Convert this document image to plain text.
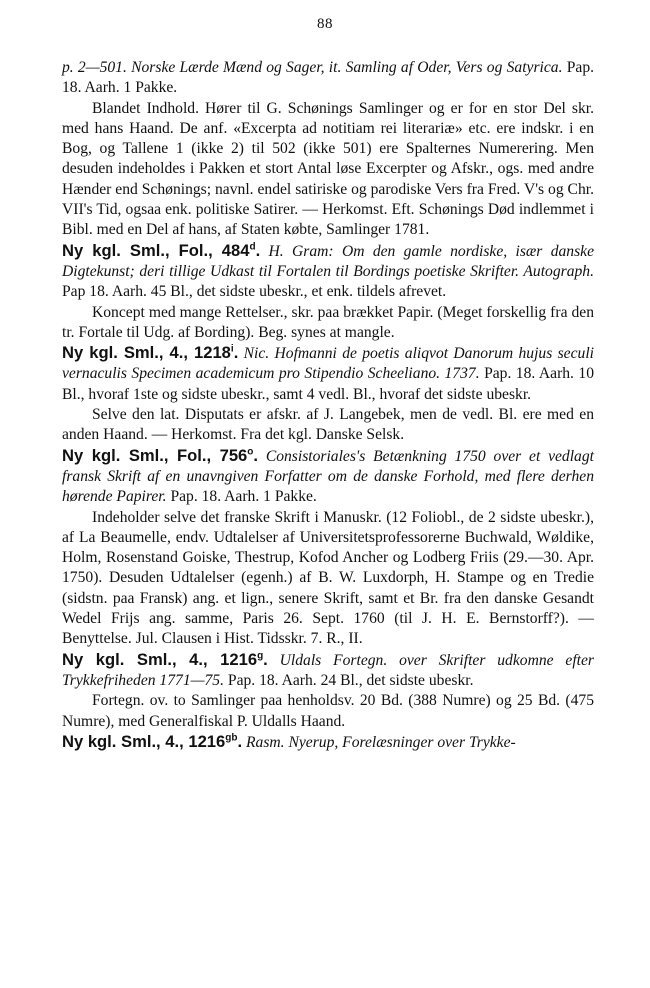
88

p. 2—501. Norske Lærde Mænd og Sager, it. Samling af Oder, Vers og Satyrica. Pap. 18. Aarh. 1 Pakke.

Blandet Indhold. Hører til G. Schønings Samlinger og er for en stor Del skr. med hans Haand. De anf. «Excerpta ad notitiam rei literariæ» etc. ere indskr. i en Bog, og Tallene 1 (ikke 2) til 502 (ikke 501) ere Spalternes Numerering. Men desuden indeholdes i Pakken et stort Antal løse Excerpter og Afskr., ogs. med andre Hænder end Schønings; navnl. endel satiriske og parodiske Vers fra Fred. V's og Chr. VII's Tid, ogsaa enk. politiske Satirer. — Herkomst. Eft. Schønings Død indlemmet i Bibl. med en Del af hans, af Staten købte, Samlinger 1781.

Ny kgl. Sml., Fol., 484$^d$. H. Gram: Om den gamle nordiske, især danske Digtekunst; deri tillige Udkast til Fortalen til Bordings poetiske Skrifter. Autograph. Pap 18. Aarh. 45 Bl., det sidste ubeskr., et enk. tildels afrevet.

Koncept med mange Rettelser., skr. paa brækket Papir. (Meget forskellig fra den tr. Fortale til Udg. af Bording). Beg. synes at mangle.

Ny kgl. Sml., 4., 1218$^i$. Nic. Hofmanni de poetis aliqvot Danorum hujus seculi vernaculis Specimen academicum pro Stipendio Scheeliano. 1737. Pap. 18. Aarh. 10 Bl., hvoraf 1ste og sidste ubeskr., samt 4 vedl. Bl., hvoraf det sidste ubeskr.

Selve den lat. Disputats er afskr. af J. Langebek, men de vedl. Bl. ere med en anden Haand. — Herkomst. Fra det kgl. Danske Selsk.

Ny kgl. Sml., Fol., 756$^o$. Consistoriales's Betænkning 1750 over et vedlagt fransk Skrift af en unavngiven Forfatter om de danske Forhold, med flere derhen hørende Papirer. Pap. 18. Aarh. 1 Pakke.

Indeholder selve det franske Skrift i Manuskr. (12 Foliobl., de 2 sidste ubeskr.), af La Beaumelle, endv. Udtalelser af Universitetsprofessorerne Buchwald, Wøldike, Holm, Rosenstand Goiske, Thestrup, Kofod Ancher og Lodberg Friis (29.—30. Apr. 1750). Desuden Udtalelser (egenh.) af B. W. Luxdorph, H. Stampe og en Tredie (sidstn. paa Fransk) ang. et lign., senere Skrift, samt et Br. fra den danske Gesandt Wedel Frijs ang. samme, Paris 26. Sept. 1760 (til J. H. E. Bernstorff?). — Benyttelse. Jul. Clausen i Hist. Tidsskr. 7. R., II.

Ny kgl. Sml., 4., 1216$^g$. Uldals Fortegn. over Skrifter udkomne efter Trykkefriheden 1771—75. Pap. 18. Aarh. 24 Bl., det sidste ubeskr.

Fortegn. ov. to Samlinger paa henholdsv. 20 Bd. (388 Numre) og 25 Bd. (475 Numre), med Generalfiskal P. Uldalls Haand.

Ny kgl. Sml., 4., $1216^{gb}$. Rasm. Nyerup, Forelæsninger over Trykke-
